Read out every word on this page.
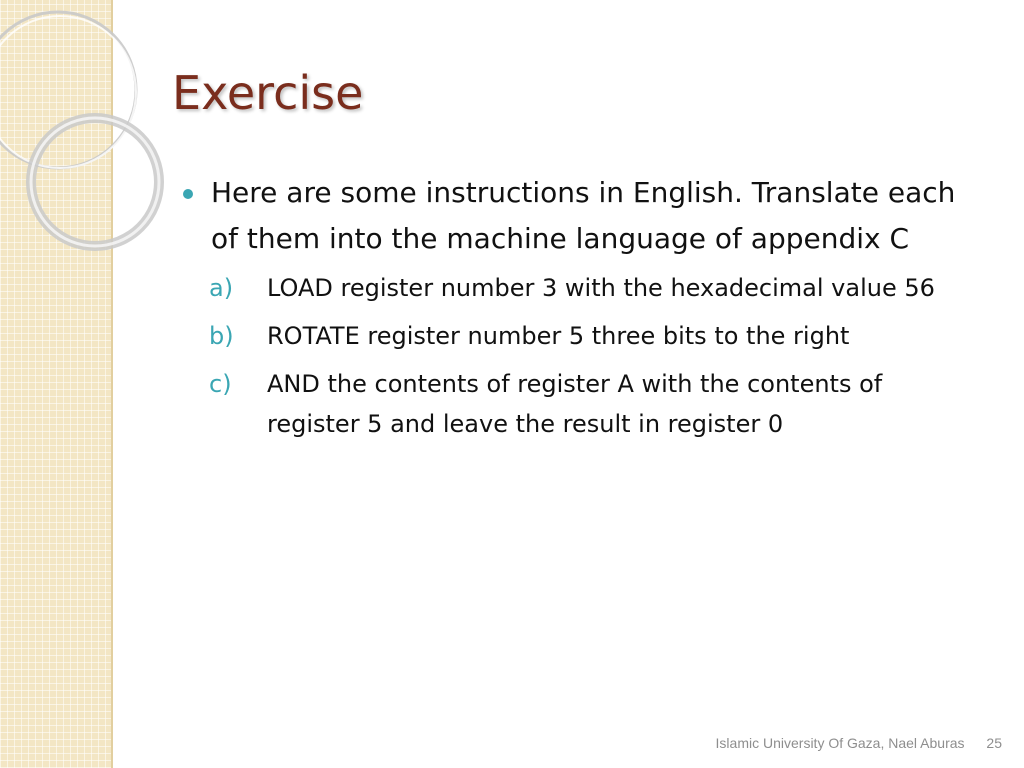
Exercise
Here are some instructions in English. Translate each of them into the machine language of appendix C
a) LOAD register number 3 with the hexadecimal value 56
b) ROTATE register number 5 three bits to the right
c) AND the contents of register A with the contents of register 5 and leave the result in register 0
Islamic University Of Gaza, Nael Aburas 25
